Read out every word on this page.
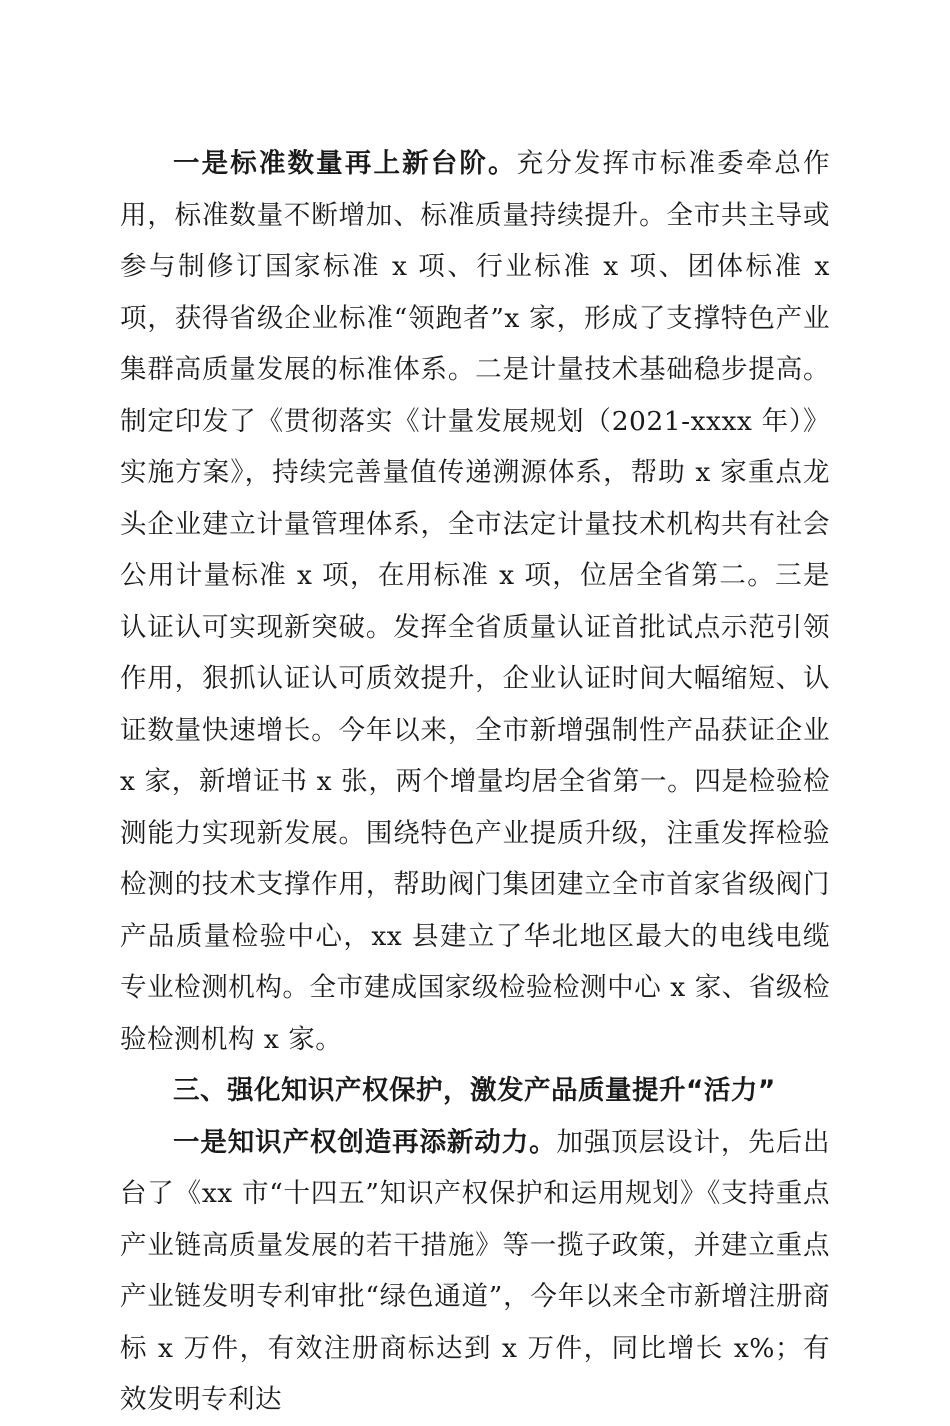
一是标准数量再上新台阶。充分发挥市标准委牵总作用，标准数量不断增加、标准质量持续提升。全市共主导或参与制修订国家标准 x 项、行业标准 x 项、团体标准 x 项，获得省级企业标准“领跑者”x 家，形成了支撑特色产业集群高质量发展的标准体系。二是计量技术基础稳步提高。制定印发了《贯彻落实《计量发展规划（2021-xxxx 年）》实施方案》，持续完善量值传递溯源体系，帮助 x 家重点龙头企业建立计量管理体系，全市法定计量技术机构共有社会公用计量标准 x 项，在用标准 x 项，位居全省第二。三是认证认可实现新突破。发挥全省质量认证首批试点示范引领作用，狠抓认证认可质效提升，企业认证时间大幅缩短、认证数量快速增长。今年以来，全市新增强制性产品获证企业 x 家，新增证书 x 张，两个增量均居全省第一。四是检验检测能力实现新发展。围绕特色产业提质升级，注重发挥检验检测的技术支撑作用，帮助阀门集团建立全市首家省级阀门产品质量检验中心，xx 县建立了华北地区最大的电线电缆专业检测机构。全市建成国家级检验检测中心 x 家、省级检验检测机构 x 家。

三、强化知识产权保护，激发产品质量提升“活力”

一是知识产权创造再添新动力。加强顶层设计，先后出台了《xx 市“十四五”知识产权保护和运用规划》《支持重点产业链高质量发展的若干措施》等一揽子政策，并建立重点产业链发明专利审批“绿色通道”，今年以来全市新增注册商标 x 万件，有效注册商标达到 x 万件，同比增长 x%；有效发明专利达
